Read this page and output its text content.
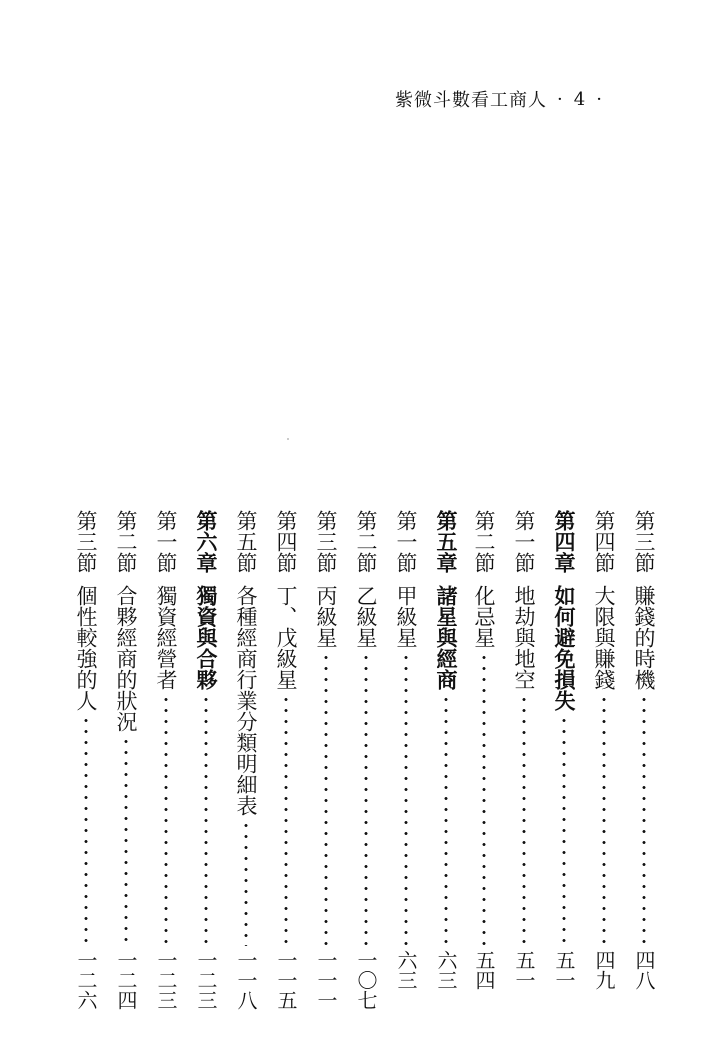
紫微斗數看工商人 · 4 ·
第三節
賺錢的時機
四八
第四節
大限與賺錢
四九
第四章
如何避免損失
五一
第一節
地劫與地空
五一
第二節
化忌星
五四
第五章
諸星與經商
六三
第一節
甲級星
六三
第二節
乙級星
一〇七
第三節
丙級星
一一一
第四節
丁、戊級星
一一五
第五節
各種經商行業分類明細表
一一八
第六章
獨資與合夥
一二三
第一節
獨資經營者
一二三
第二節
合夥經商的狀況
一二四
第三節
個性較強的人
一二六
